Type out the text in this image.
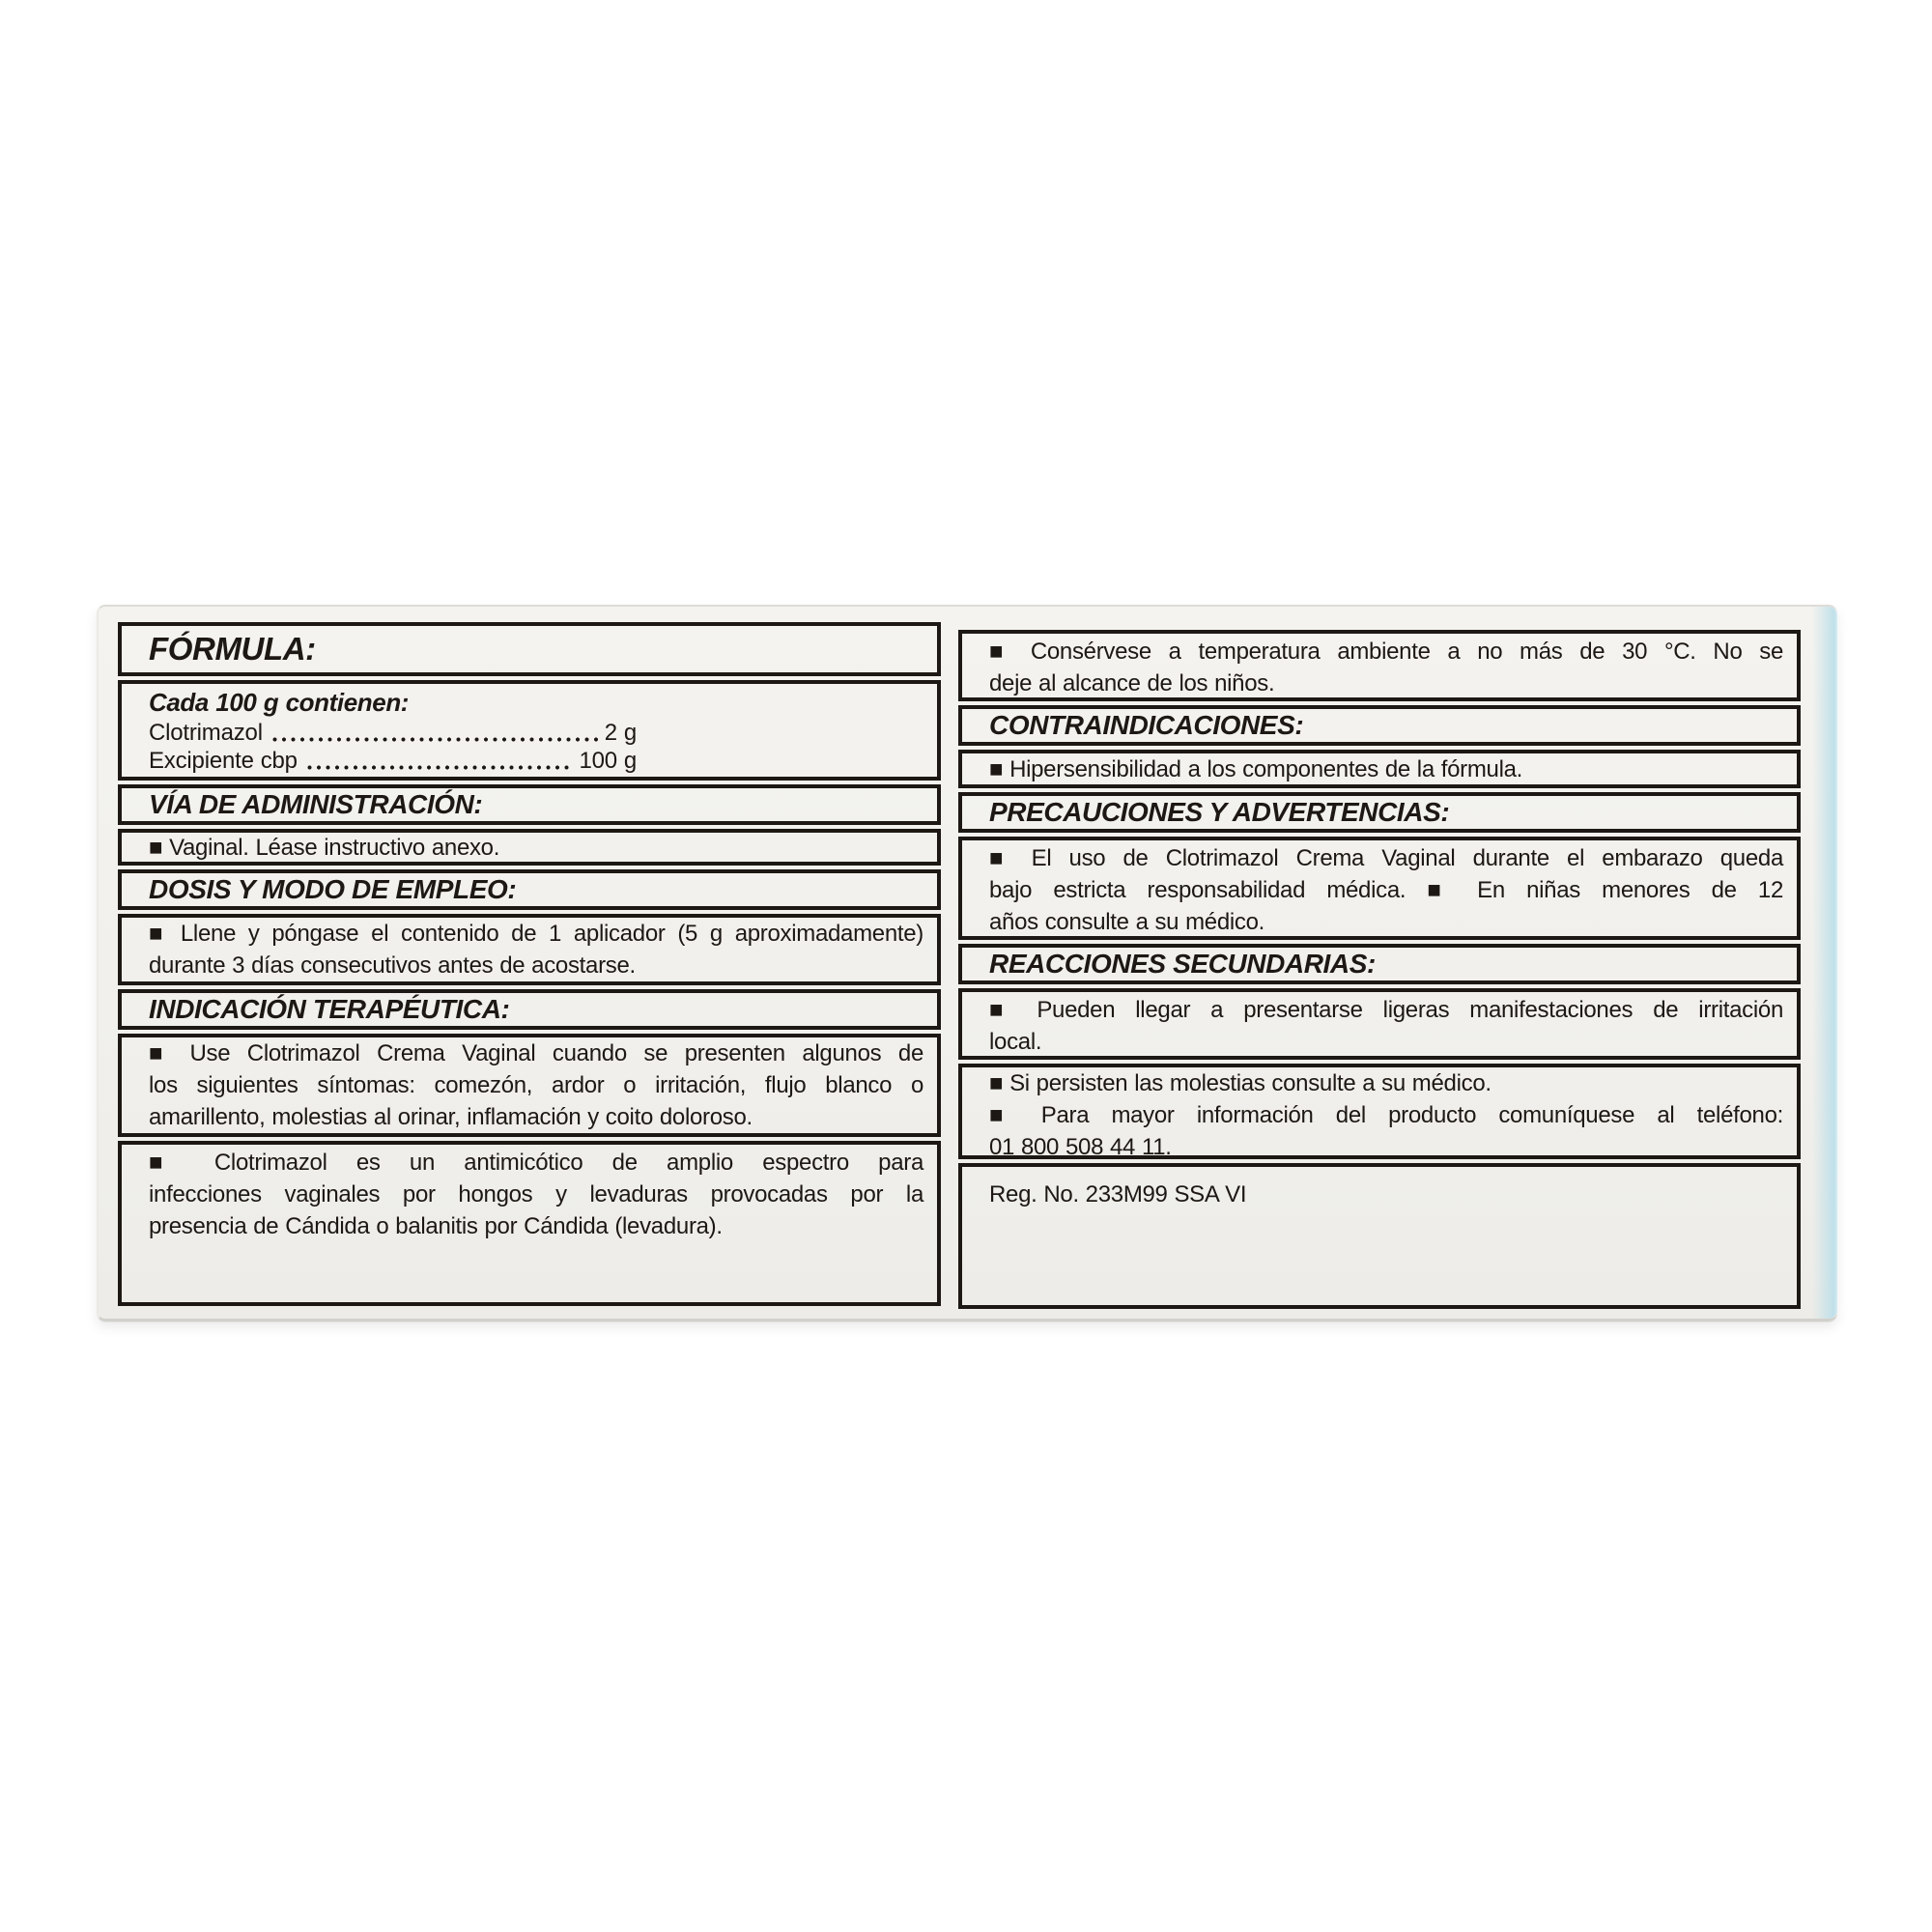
FÓRMULA:
Cada 100 g contienen:
Clotrimazol	2 g
Excipiente cbp	100 g
VÍA DE ADMINISTRACIÓN:
■ Vaginal. Léase instructivo anexo.
DOSIS Y MODO DE EMPLEO:
■ Llene y póngase el contenido de 1 aplicador (5 g aproximadamente)
durante 3 días consecutivos antes de acostarse.
INDICACIÓN TERAPÉUTICA:
■ Use Clotrimazol Crema Vaginal cuando se presenten algunos de
los siguientes síntomas: comezón, ardor o irritación, flujo blanco o
amarillento, molestias al orinar, inflamación y coito doloroso.
■ Clotrimazol es un antimicótico de amplio espectro para
infecciones vaginales por hongos y levaduras provocadas por la
presencia de Cándida o balanitis por Cándida (levadura).
■ Consérvese a temperatura ambiente a no más de 30 °C. No se
deje al alcance de los niños.
CONTRAINDICACIONES:
■ Hipersensibilidad a los componentes de la fórmula.
PRECAUCIONES Y ADVERTENCIAS:
■ El uso de Clotrimazol Crema Vaginal durante el embarazo queda
bajo estricta responsabilidad médica. ■ En niñas menores de 12
años consulte a su médico.
REACCIONES SECUNDARIAS:
■ Pueden llegar a presentarse ligeras manifestaciones de irritación
local.
■ Si persisten las molestias consulte a su médico.
■ Para mayor información del producto comuníquese al teléfono:
01 800 508 44 11.
Reg. No. 233M99 SSA VI
